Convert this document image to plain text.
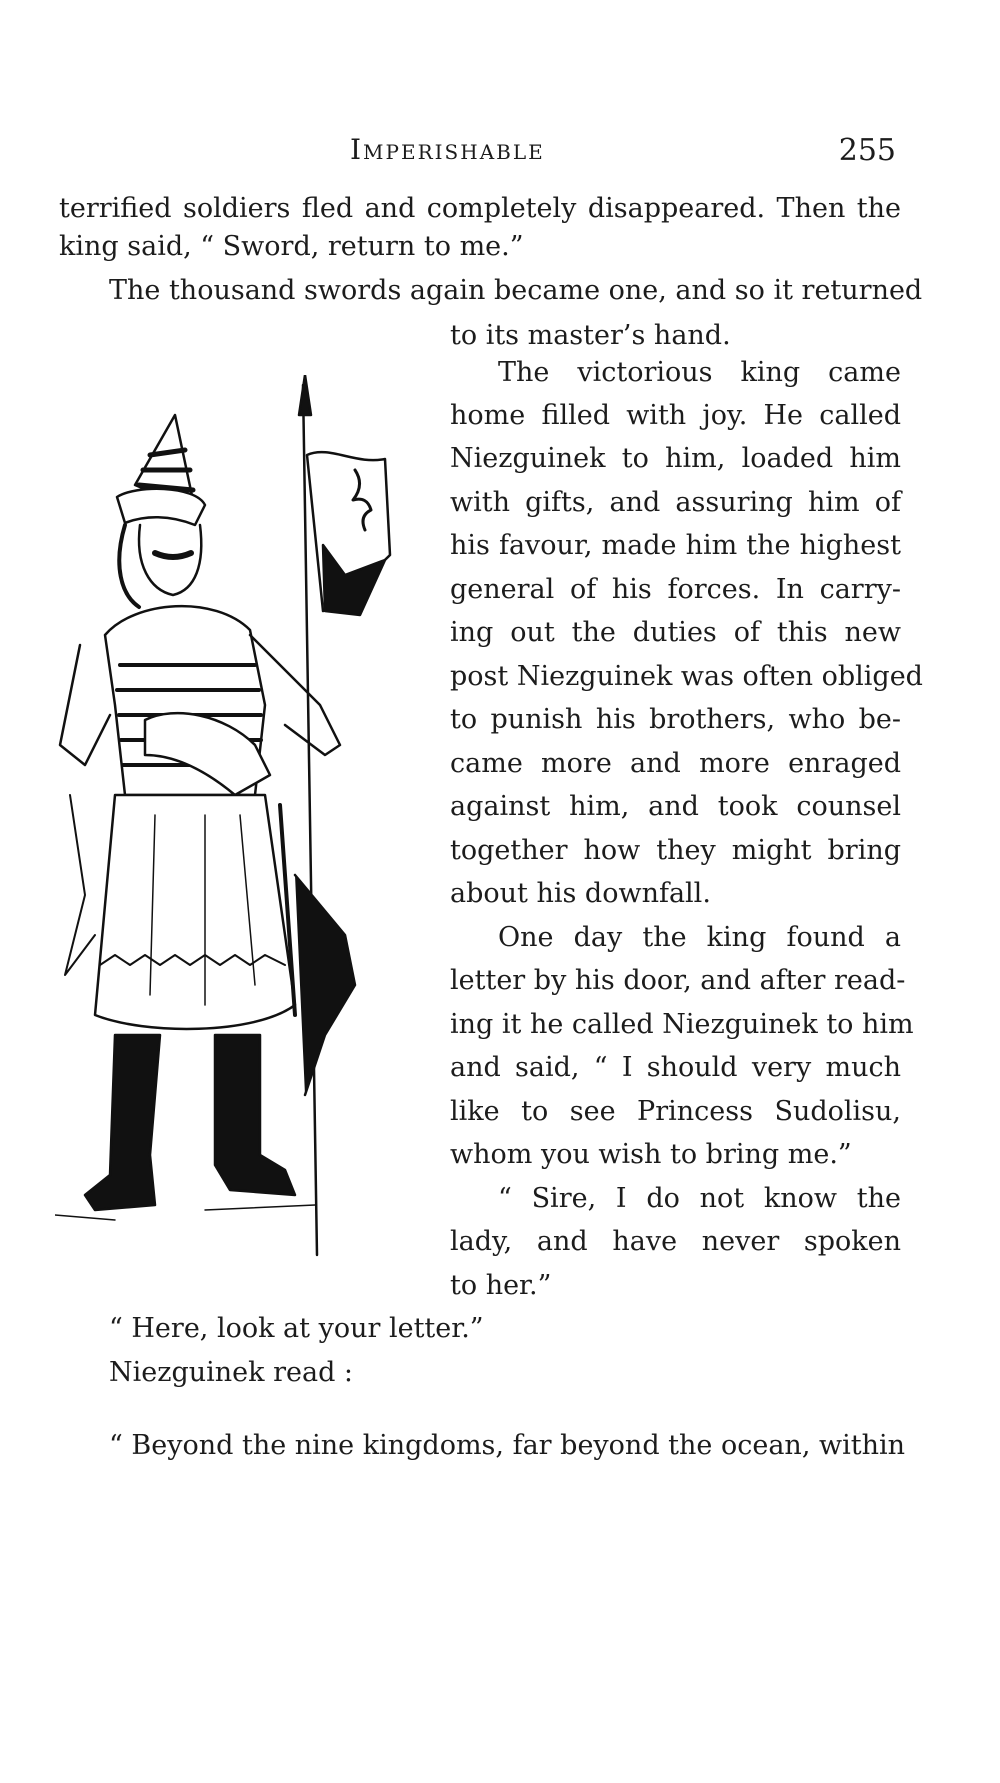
Imperishable	255
terrified soldiers fled and completely disappeared. Then the
king said, “ Sword, return to me.”
The thousand swords again became one, and so it returned
to its master’s hand.
The victorious king came
home filled with joy. He called
Niezguinek to him, loaded him
with gifts, and assuring him of
his favour, made him the highest
general of his forces. In carry-
ing out the duties of this new
post Niezguinek was often obliged
to punish his brothers, who be-
came more and more enraged
against him, and took counsel
together how they might bring
about his downfall.
One day the king found a
letter by his door, and after read-
ing it he called Niezguinek to him
and said, “ I should very much
like to see Princess Sudolisu,
whom you wish to bring me.”
“ Sire, I do not know the
lady, and have never spoken
to her.”
“ Here, look at your letter.”
Niezguinek read :
“ Beyond the nine kingdoms, far beyond the ocean, within
